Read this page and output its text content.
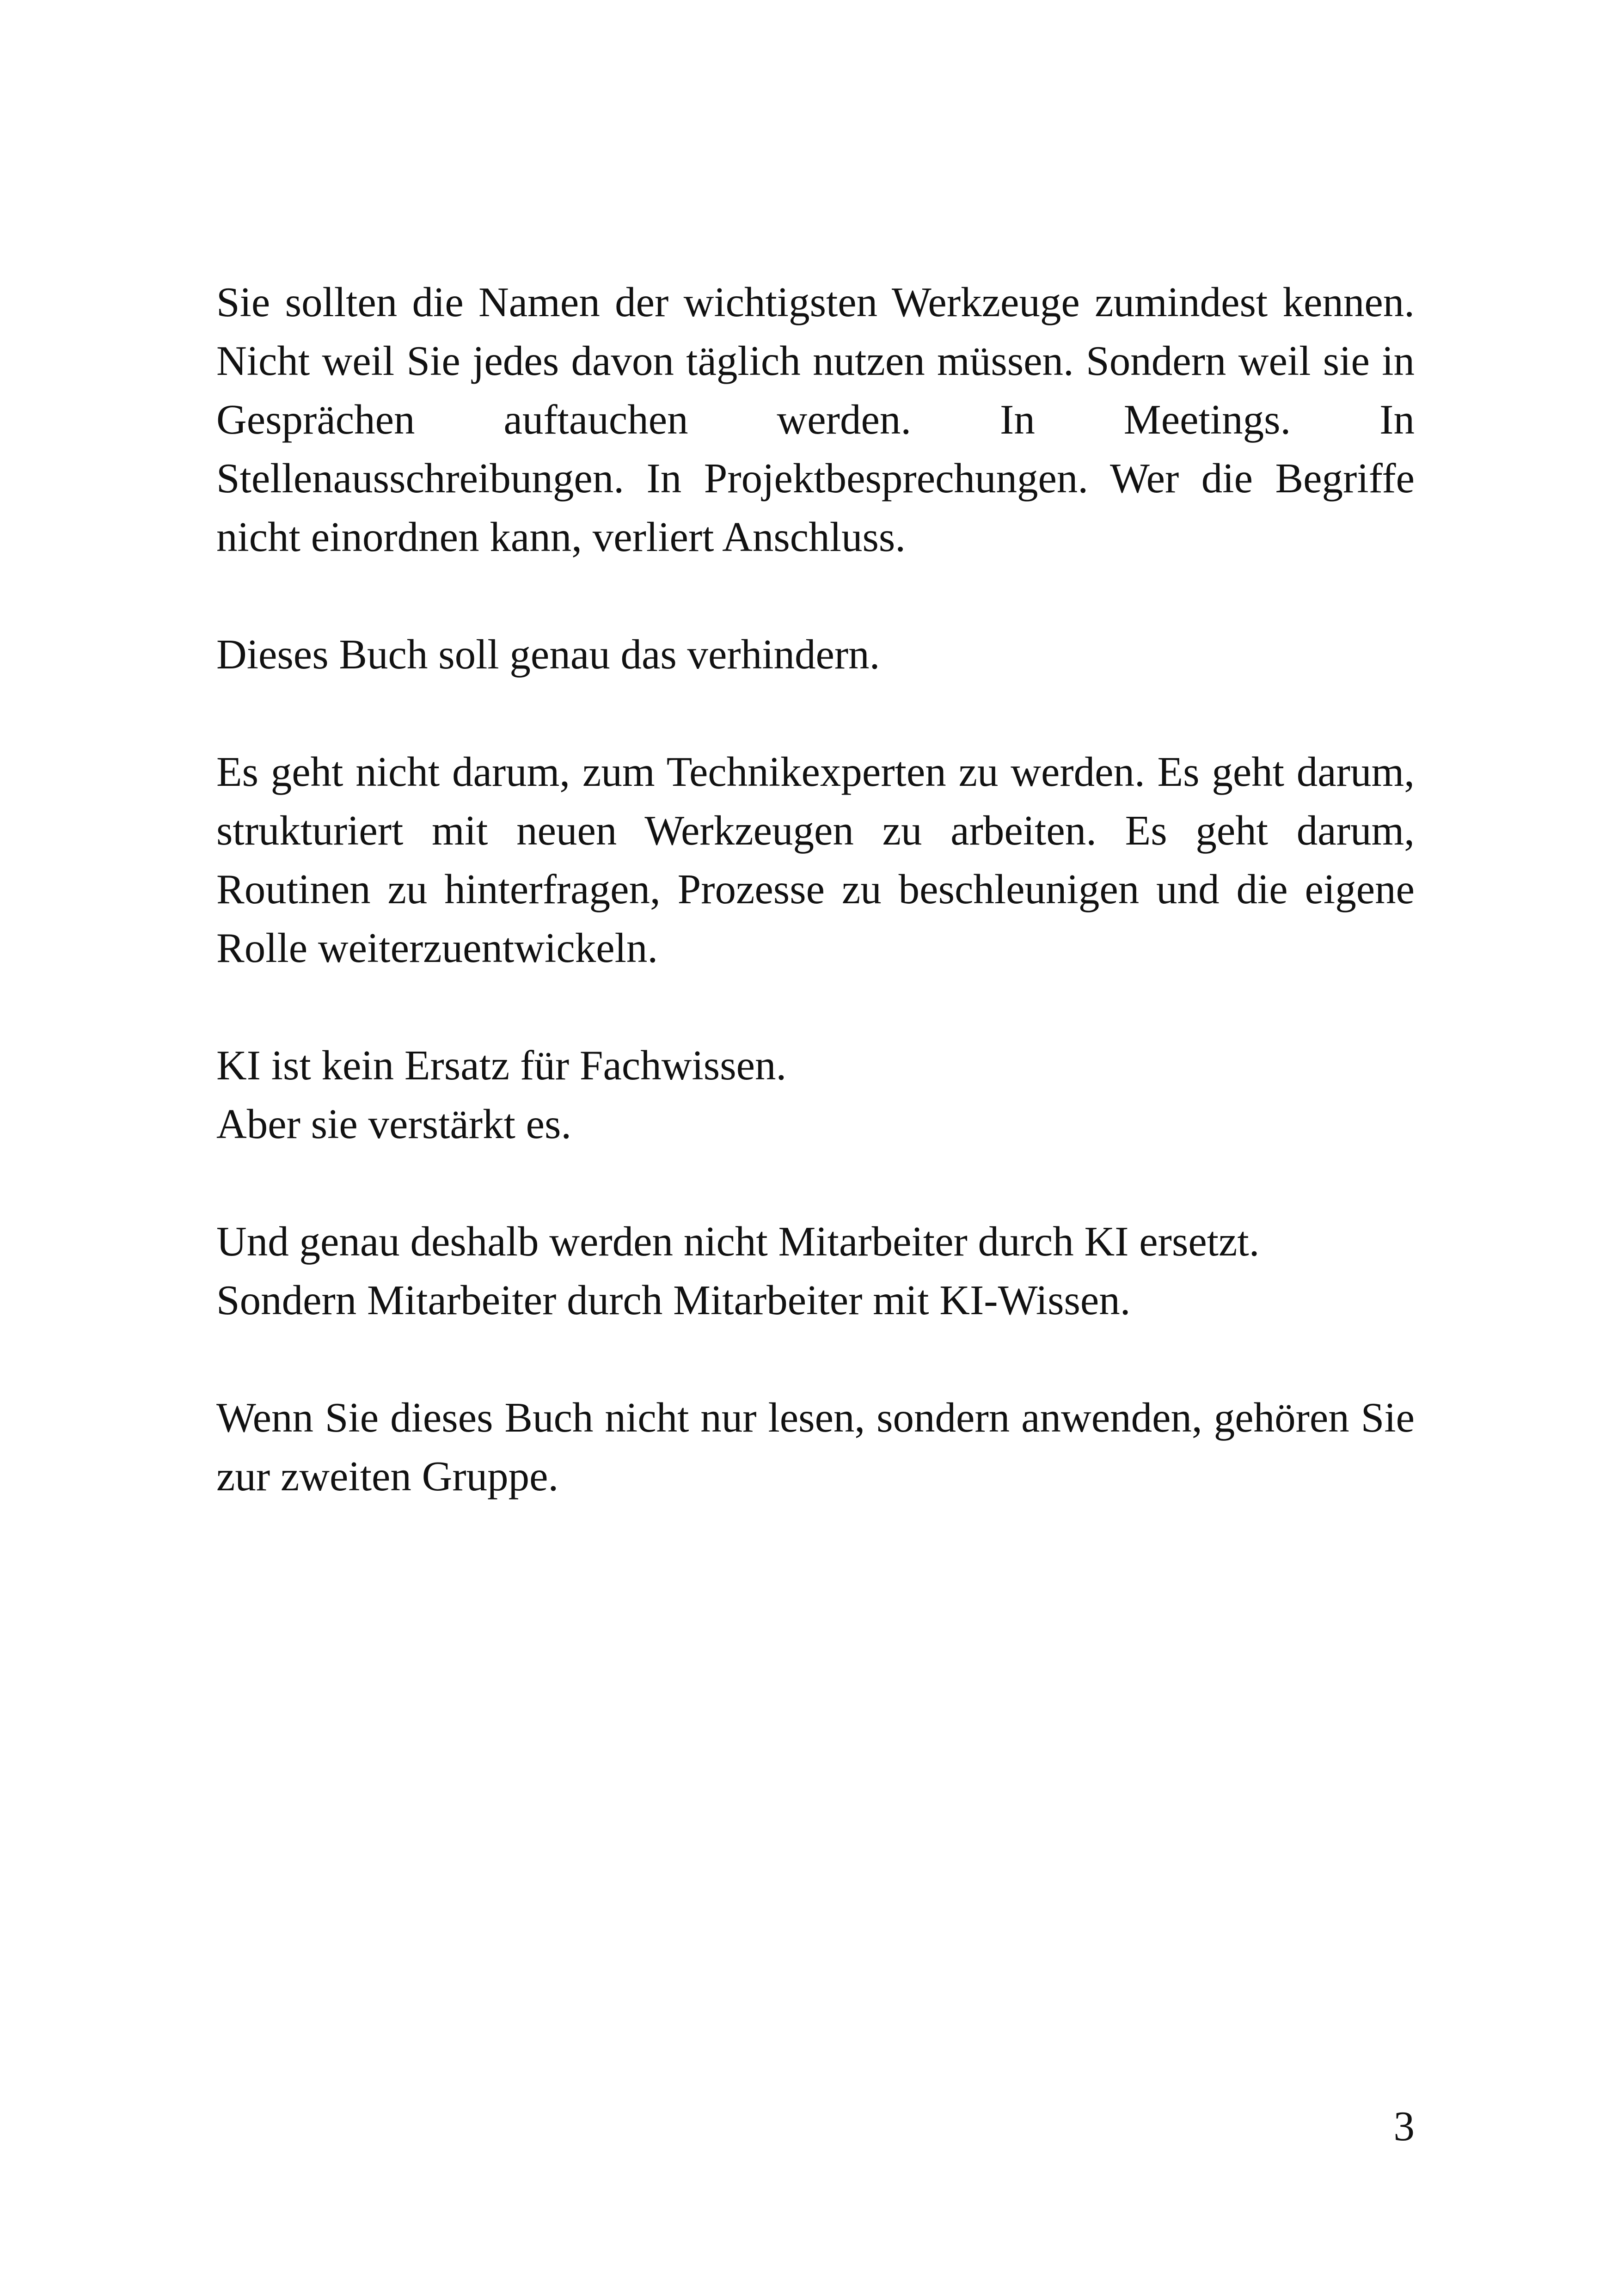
Sie sollten die Namen der wichtigsten Werkzeuge zumindest kennen. Nicht weil Sie jedes davon täglich nutzen müssen. Sondern weil sie in Gesprächen auftauchen werden. In Meetings. In Stellenausschreibungen. In Projektbesprechungen. Wer die Begriffe nicht einordnen kann, verliert Anschluss.

Dieses Buch soll genau das verhindern.

Es geht nicht darum, zum Technikexperten zu werden. Es geht darum, strukturiert mit neuen Werkzeugen zu arbeiten. Es geht darum, Routinen zu hinterfragen, Prozesse zu beschleunigen und die eigene Rolle weiterzuentwickeln.

KI ist kein Ersatz für Fachwissen.
Aber sie verstärkt es.

Und genau deshalb werden nicht Mitarbeiter durch KI ersetzt.
Sondern Mitarbeiter durch Mitarbeiter mit KI-Wissen.

Wenn Sie dieses Buch nicht nur lesen, sondern anwenden, gehören Sie zur zweiten Gruppe.

3
